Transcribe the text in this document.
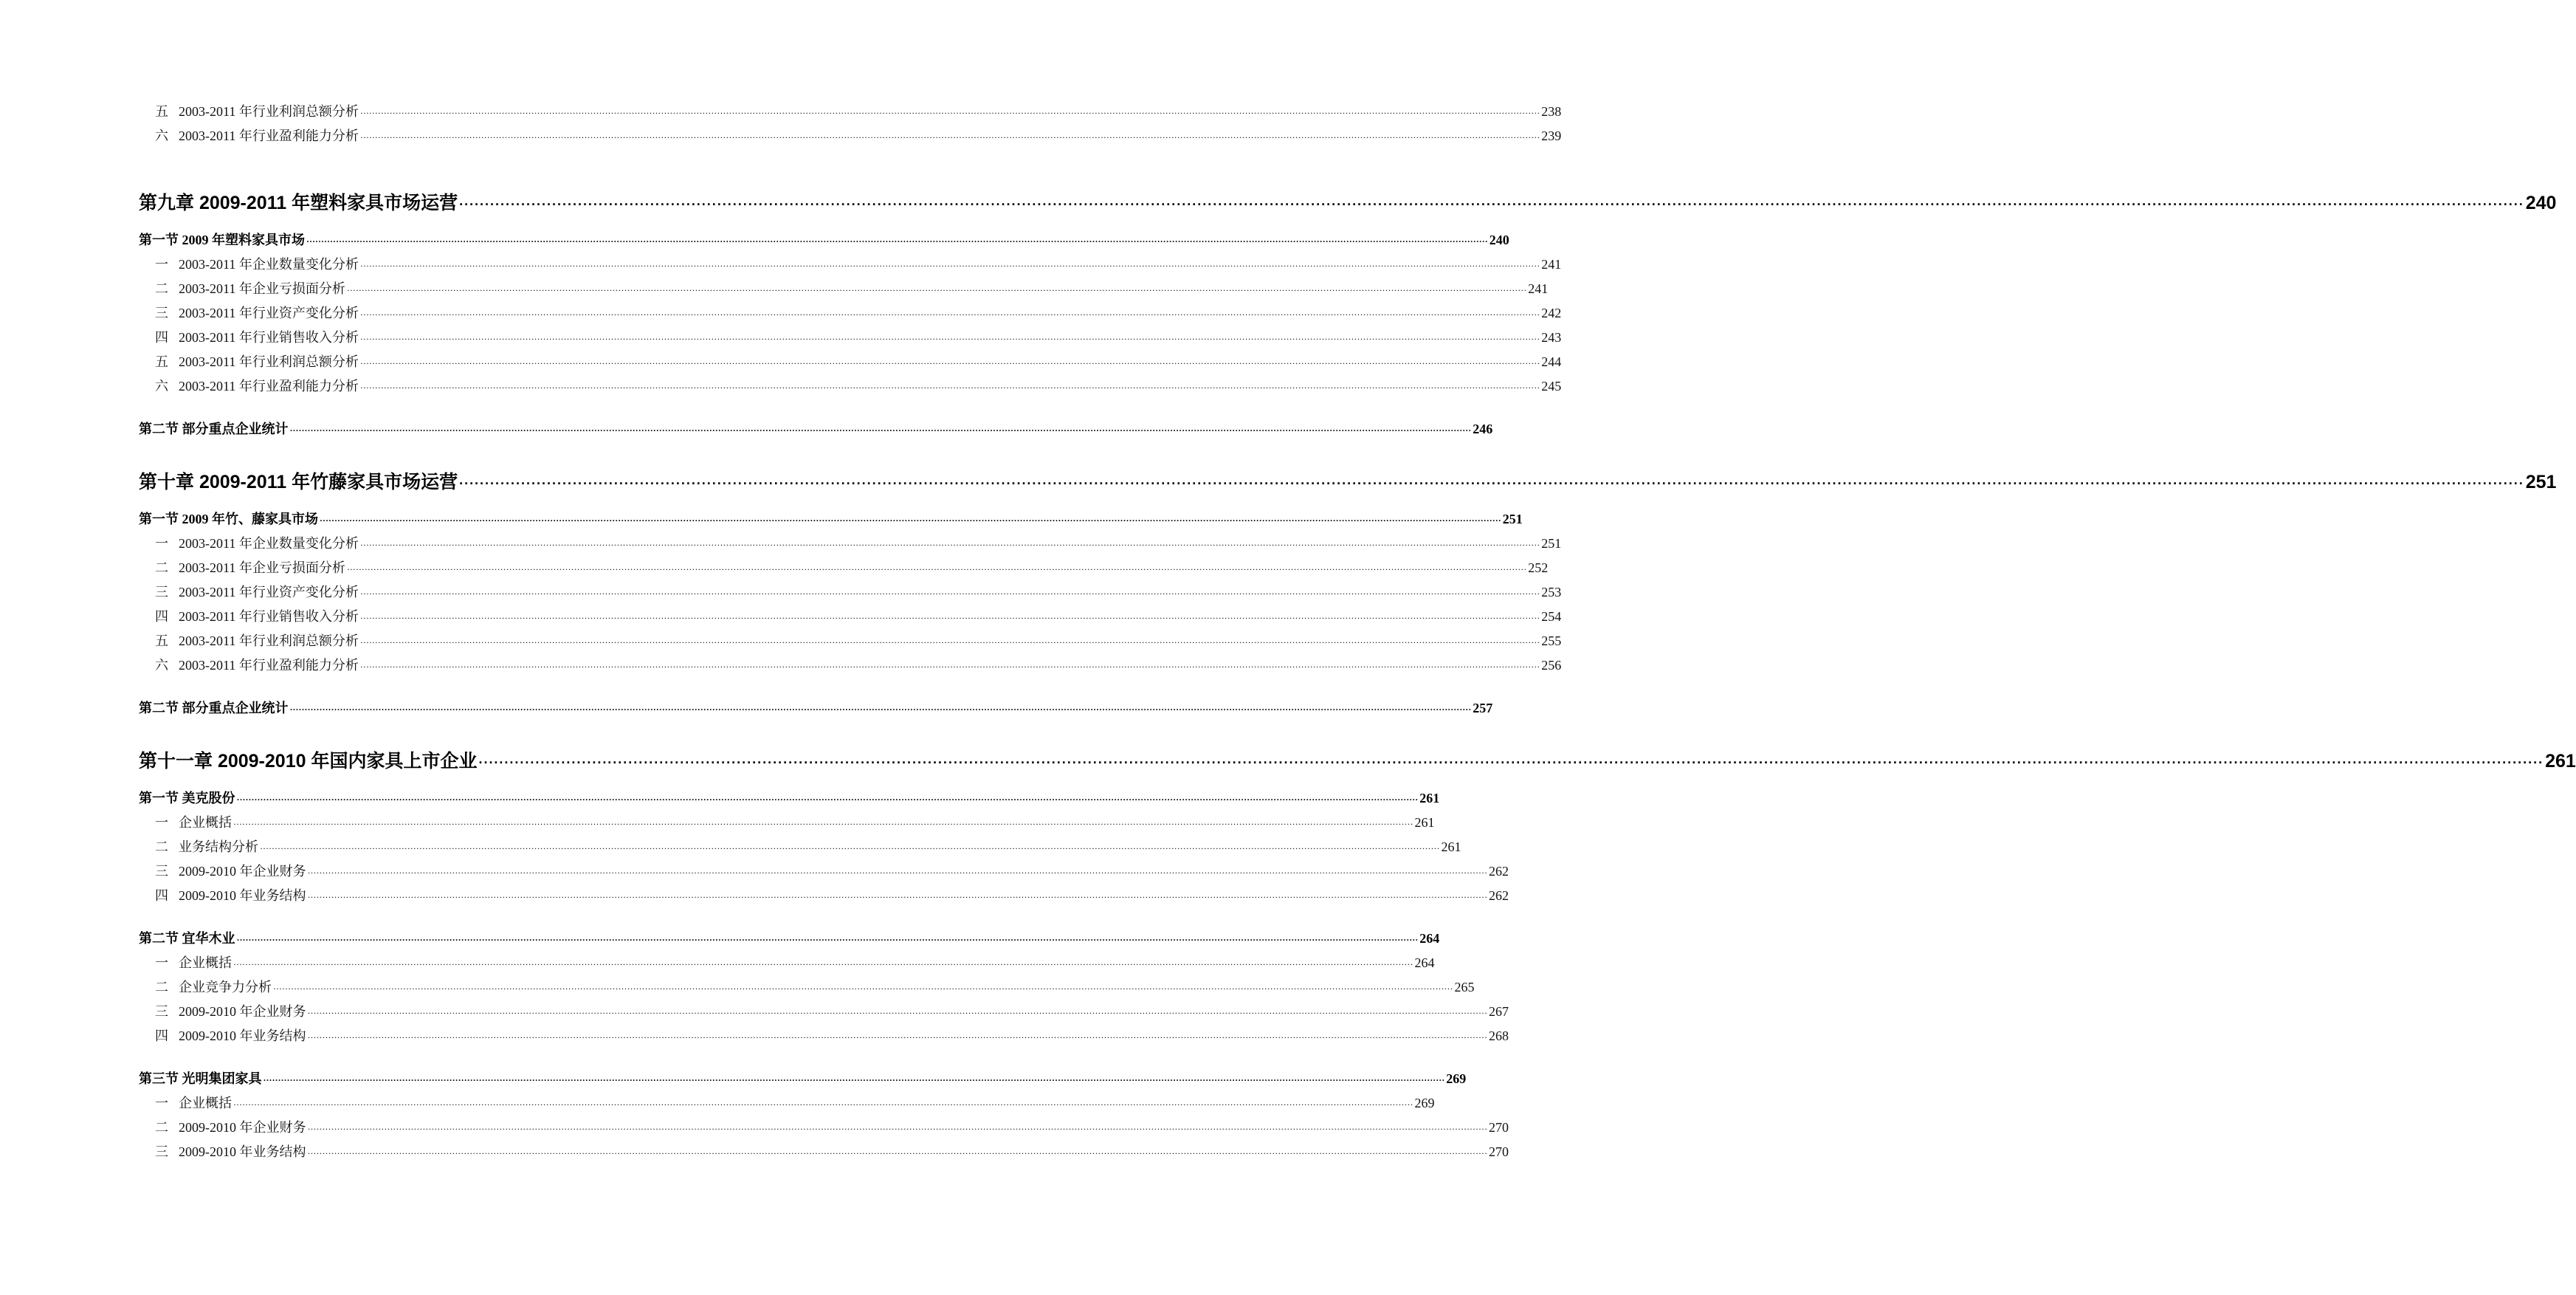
五 2003-2011 年行业利润总额分析 ················································································································································································································································································································································································································ 238
六 2003-2011 年行业盈利能力分析 ················································································································································································································································································································································································································ 239
第九章 2009-2011 年塑料家具市场运营 ················································································································································································································································································································································································································ 240
第一节 2009 年塑料家具市场 ················································································································································································································································································································································································································ 240
一 2003-2011 年企业数量变化分析 ················································································································································································································································································································································································································ 241
二 2003-2011 年企业亏损面分析 ················································································································································································································································································································································································································ 241
三 2003-2011 年行业资产变化分析 ················································································································································································································································································································································································································ 242
四 2003-2011 年行业销售收入分析 ················································································································································································································································································································································································································ 243
五 2003-2011 年行业利润总额分析 ················································································································································································································································································································································································································ 244
六 2003-2011 年行业盈利能力分析 ················································································································································································································································································································································································································ 245
第二节 部分重点企业统计 ················································································································································································································································································································································································································ 246
第十章 2009-2011 年竹藤家具市场运营 ················································································································································································································································································································································································································ 251
第一节 2009 年竹、藤家具市场 ················································································································································································································································································································································································································ 251
一 2003-2011 年企业数量变化分析 ················································································································································································································································································································································································································ 251
二 2003-2011 年企业亏损面分析 ················································································································································································································································································································································································································ 252
三 2003-2011 年行业资产变化分析 ················································································································································································································································································································································································································ 253
四 2003-2011 年行业销售收入分析 ················································································································································································································································································································································································································ 254
五 2003-2011 年行业利润总额分析 ················································································································································································································································································································································································································ 255
六 2003-2011 年行业盈利能力分析 ················································································································································································································································································································································································································ 256
第二节 部分重点企业统计 ················································································································································································································································································································································································································ 257
第十一章 2009-2010 年国内家具上市企业 ················································································································································································································································································································································································································ 261
第一节 美克股份 ················································································································································································································································································································································································································ 261
一 企业概括 ················································································································································································································································································································································································································ 261
二 业务结构分析 ················································································································································································································································································································································································································ 261
三 2009-2010 年企业财务 ················································································································································································································································································································································································································ 262
四 2009-2010 年业务结构 ················································································································································································································································································································································································································ 262
第二节 宜华木业 ················································································································································································································································································································································································································ 264
一 企业概括 ················································································································································································································································································································································································································ 264
二 企业竞争力分析 ················································································································································································································································································································································································································ 265
三 2009-2010 年企业财务 ················································································································································································································································································································································································································ 267
四 2009-2010 年业务结构 ················································································································································································································································································································································································································ 268
第三节 光明集团家具 ················································································································································································································································································································································································································ 269
一 企业概括 ················································································································································································································································································································································································································ 269
二 2009-2010 年企业财务 ················································································································································································································································································································································································································ 270
三 2009-2010 年业务结构 ················································································································································································································································································································································································································ 270
